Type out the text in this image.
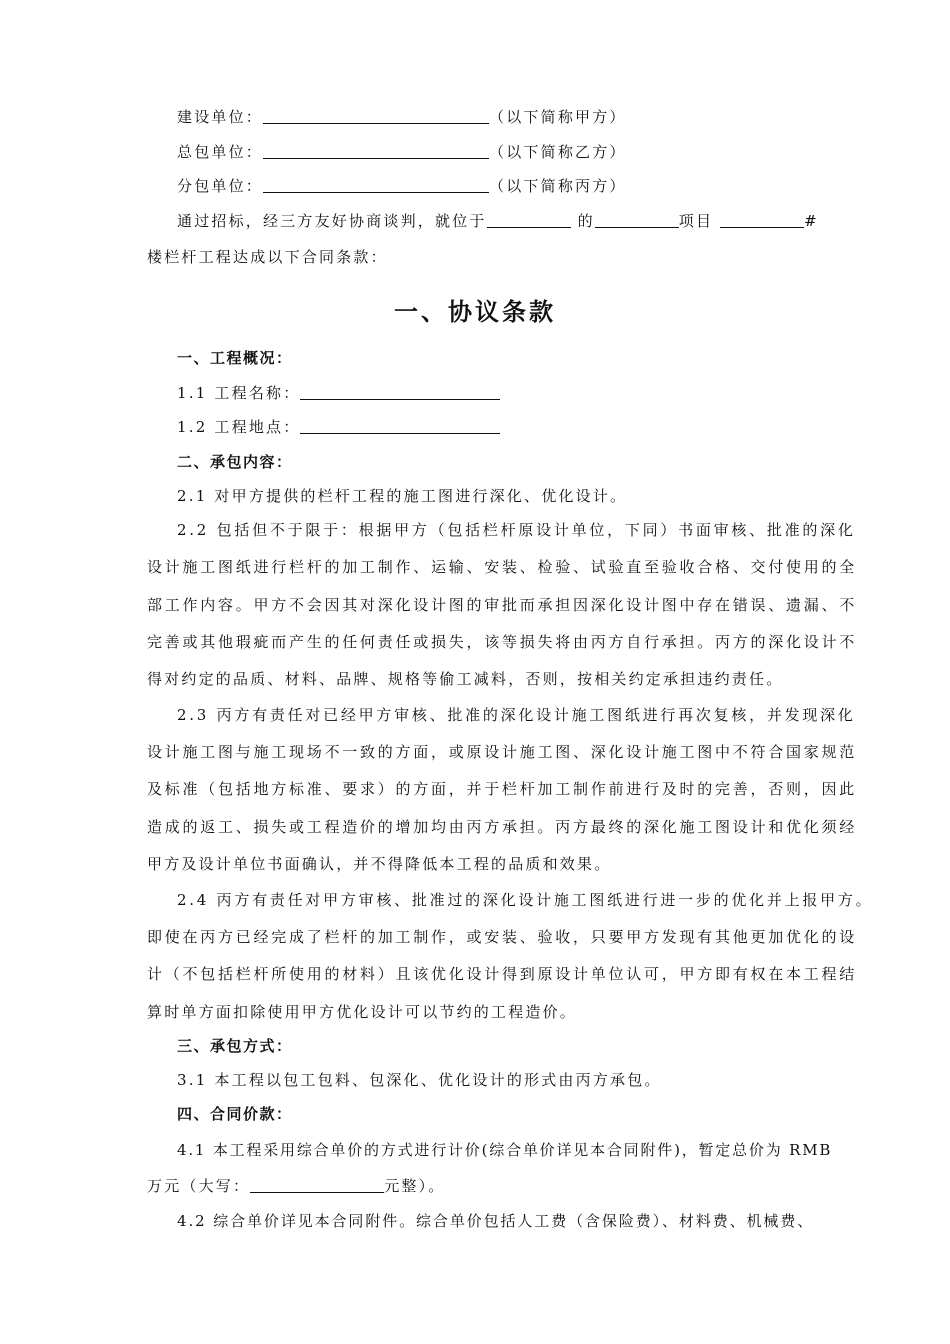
建设单位：	（以下简称甲方）
总包单位：	（以下简称乙方）
分包单位：	（以下简称丙方）
通过招标，经三方友好协商谈判，就位于	的	项目	#
楼栏杆工程达成以下合同条款：
一、协议条款
一、工程概况：
1.1 工程名称：
1.2 工程地点：
二、承包内容：
2.1 对甲方提供的栏杆工程的施工图进行深化、优化设计。
2.2 包括但不于限于：根据甲方（包括栏杆原设计单位，下同）书面审核、批准的深化
设计施工图纸进行栏杆的加工制作、运输、安装、检验、试验直至验收合格、交付使用的全
部工作内容。甲方不会因其对深化设计图的审批而承担因深化设计图中存在错误、遗漏、不
完善或其他瑕疵而产生的任何责任或损失，该等损失将由丙方自行承担。丙方的深化设计不
得对约定的品质、材料、品牌、规格等偷工减料，否则，按相关约定承担违约责任。
2.3 丙方有责任对已经甲方审核、批准的深化设计施工图纸进行再次复核，并发现深化
设计施工图与施工现场不一致的方面，或原设计施工图、深化设计施工图中不符合国家规范
及标准（包括地方标准、要求）的方面，并于栏杆加工制作前进行及时的完善，否则，因此
造成的返工、损失或工程造价的增加均由丙方承担。丙方最终的深化施工图设计和优化须经
甲方及设计单位书面确认，并不得降低本工程的品质和效果。
2.4 丙方有责任对甲方审核、批准过的深化设计施工图纸进行进一步的优化并上报甲方。
即使在丙方已经完成了栏杆的加工制作，或安装、验收，只要甲方发现有其他更加优化的设
计（不包括栏杆所使用的材料）且该优化设计得到原设计单位认可，甲方即有权在本工程结
算时单方面扣除使用甲方优化设计可以节约的工程造价。
三、承包方式：
3.1 本工程以包工包料、包深化、优化设计的形式由丙方承包。
四、合同价款：
4.1 本工程采用综合单价的方式进行计价(综合单价详见本合同附件)，暂定总价为 RMB
万元（大写：	元整）。
4.2 综合单价详见本合同附件。综合单价包括人工费（含保险费）、材料费、机械费、
